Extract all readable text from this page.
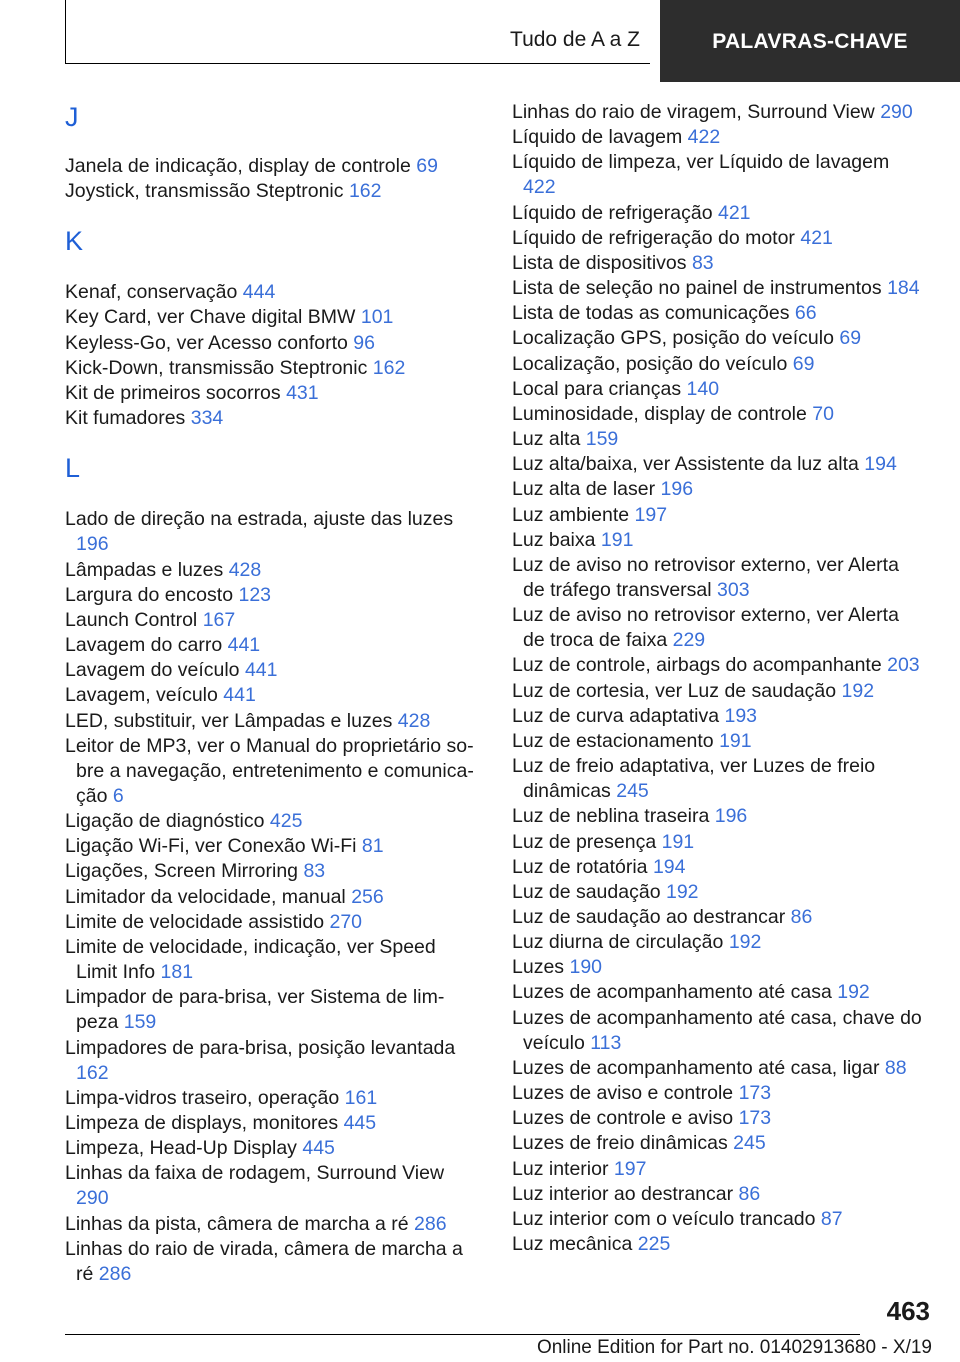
Tudo de A a Z	PALAVRAS-CHAVE
J
Janela de indicação, display de controle 69
Joystick, transmissão Steptronic 162
K
Kenaf, conservação 444
Key Card, ver Chave digital BMW 101
Keyless-Go, ver Acesso conforto 96
Kick-Down, transmissão Steptronic 162
Kit de primeiros socorros 431
Kit fumadores 334
L
Lado de direção na estrada, ajuste das luzes 196
Lâmpadas e luzes 428
Largura do encosto 123
Launch Control 167
Lavagem do carro 441
Lavagem do veículo 441
Lavagem, veículo 441
LED, substituir, ver Lâmpadas e luzes 428
Leitor de MP3, ver o Manual do proprietário sobre a navegação, entretenimento e comunicação 6
Ligação de diagnóstico 425
Ligação Wi-Fi, ver Conexão Wi-Fi 81
Ligações, Screen Mirroring 83
Limitador da velocidade, manual 256
Limite de velocidade assistido 270
Limite de velocidade, indicação, ver Speed Limit Info 181
Limpador de para-brisa, ver Sistema de limpeza 159
Limpadores de para-brisa, posição levantada 162
Limpa-vidros traseiro, operação 161
Limpeza de displays, monitores 445
Limpeza, Head-Up Display 445
Linhas da faixa de rodagem, Surround View 290
Linhas da pista, câmera de marcha a ré 286
Linhas do raio de virada, câmera de marcha a ré 286
Linhas do raio de viragem, Surround View 290
Líquido de lavagem 422
Líquido de limpeza, ver Líquido de lavagem 422
Líquido de refrigeração 421
Líquido de refrigeração do motor 421
Lista de dispositivos 83
Lista de seleção no painel de instrumentos 184
Lista de todas as comunicações 66
Localização GPS, posição do veículo 69
Localização, posição do veículo 69
Local para crianças 140
Luminosidade, display de controle 70
Luz alta 159
Luz alta/baixa, ver Assistente da luz alta 194
Luz alta de laser 196
Luz ambiente 197
Luz baixa 191
Luz de aviso no retrovisor externo, ver Alerta de tráfego transversal 303
Luz de aviso no retrovisor externo, ver Alerta de troca de faixa 229
Luz de controle, airbags do acompanhante 203
Luz de cortesia, ver Luz de saudação 192
Luz de curva adaptativa 193
Luz de estacionamento 191
Luz de freio adaptativa, ver Luzes de freio dinâmicas 245
Luz de neblina traseira 196
Luz de presença 191
Luz de rotatória 194
Luz de saudação 192
Luz de saudação ao destrancar 86
Luz diurna de circulação 192
Luzes 190
Luzes de acompanhamento até casa 192
Luzes de acompanhamento até casa, chave do veículo 113
Luzes de acompanhamento até casa, ligar 88
Luzes de aviso e controle 173
Luzes de controle e aviso 173
Luzes de freio dinâmicas 245
Luz interior 197
Luz interior ao destrancar 86
Luz interior com o veículo trancado 87
Luz mecânica 225
463
Online Edition for Part no. 01402913680 - X/19
